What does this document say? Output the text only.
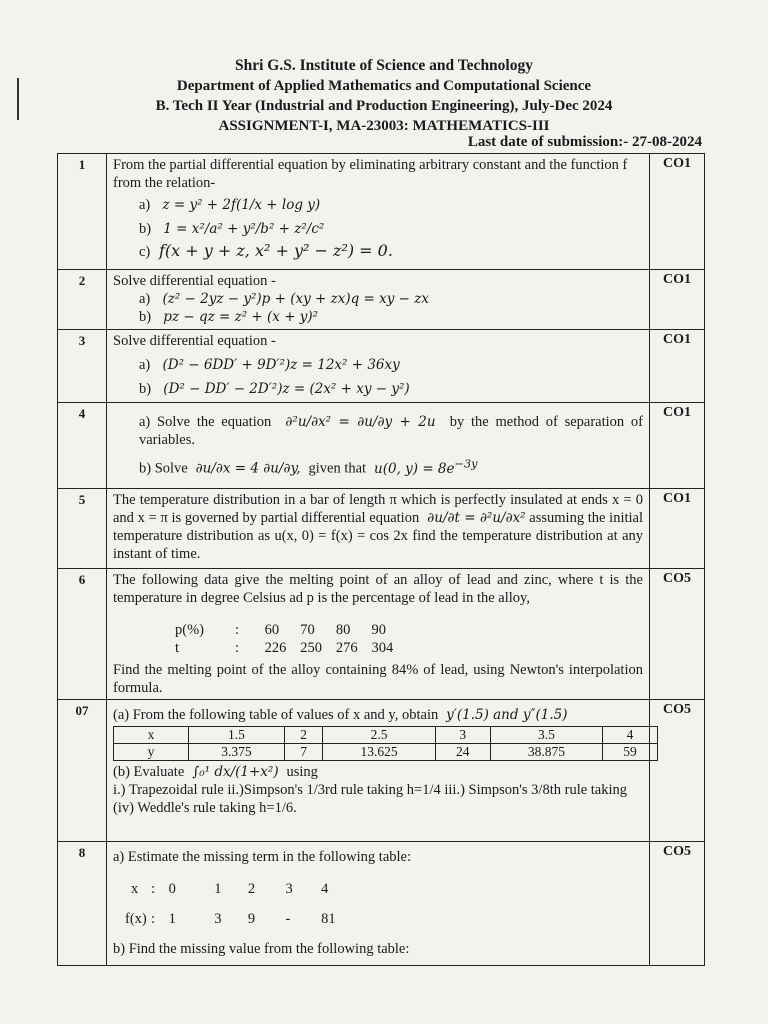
Shri G.S. Institute of Science and Technology
Department of Applied Mathematics and Computational Science
B. Tech II Year (Industrial and Production Engineering), July-Dec 2024
ASSIGNMENT-I, MA-23003: MATHEMATICS-III
Last date of submission:- 27-08-2024
1	From the partial differential equation by eliminating arbitrary constant and the function f from the relation-
a)   z = y² + 2f(1/x + log y)
b)   1 = x²/a² + y²/b² + z²/c²
c)  f(x + y + z, x² + y² − z²) = 0.
	CO1
2	Solve differential equation -
a)   (z² − 2yz − y²)p + (xy + zx)q = xy − zx
b)   pz − qz = z² + (x + y)²
	CO1
3	Solve differential equation -
a)   (D² − 6DD′ + 9D′²)z = 12x² + 36xy
b)   (D² − DD′ − 2D′²)z = (2x² + xy − y²)
	CO1
4	
a) Solve the equation  ∂²u/∂x² = ∂u/∂y + 2u  by the method of separation of variables.
b) Solve  ∂u/∂x = 4 ∂u/∂y,  given that  u(0, $y) = 8e^{-3y}$
	CO1
5	The temperature distribution in a bar of length π which is perfectly insulated at ends x = 0 and x = π is governed by partial differential equation  ∂u/∂t = ∂²u/∂x² assuming the initial temperature distribution as u(x, 0) = f(x) = cos 2x find the temperature distribution at any instant of time.	CO1
6	The following data give the melting point of an alloy of lead and zinc, where t is the temperature in degree Celsius ad p is the percentage of lead in the alloy,
p(%) : 60 70 80 90
t	: 226 250 276 304
Find the melting point of the alloy containing 84% of lead, using Newton's interpolation formula.
	CO5
07	(a) From the following table of values of x and y, obtain  y′(1.5) and y″(1.5)
x	1.5	2	2.5	3	3.5	4
y	3.375	7	13.625	24	38.875	59
(b) Evaluate  ∫₀¹ dx/(1+x²)  using
i.) Trapezoidal rule ii.)Simpson's 1/3rd rule taking h=1/4 iii.) Simpson's 3/8th rule taking (iv) Weddle's rule taking h=1/6.
	CO5
8	a) Estimate the missing term in the following table:
x : 0	1 2 3 4
f(x) : 1	3 9 - 81
b) Find the missing value from the following table:
	CO5
